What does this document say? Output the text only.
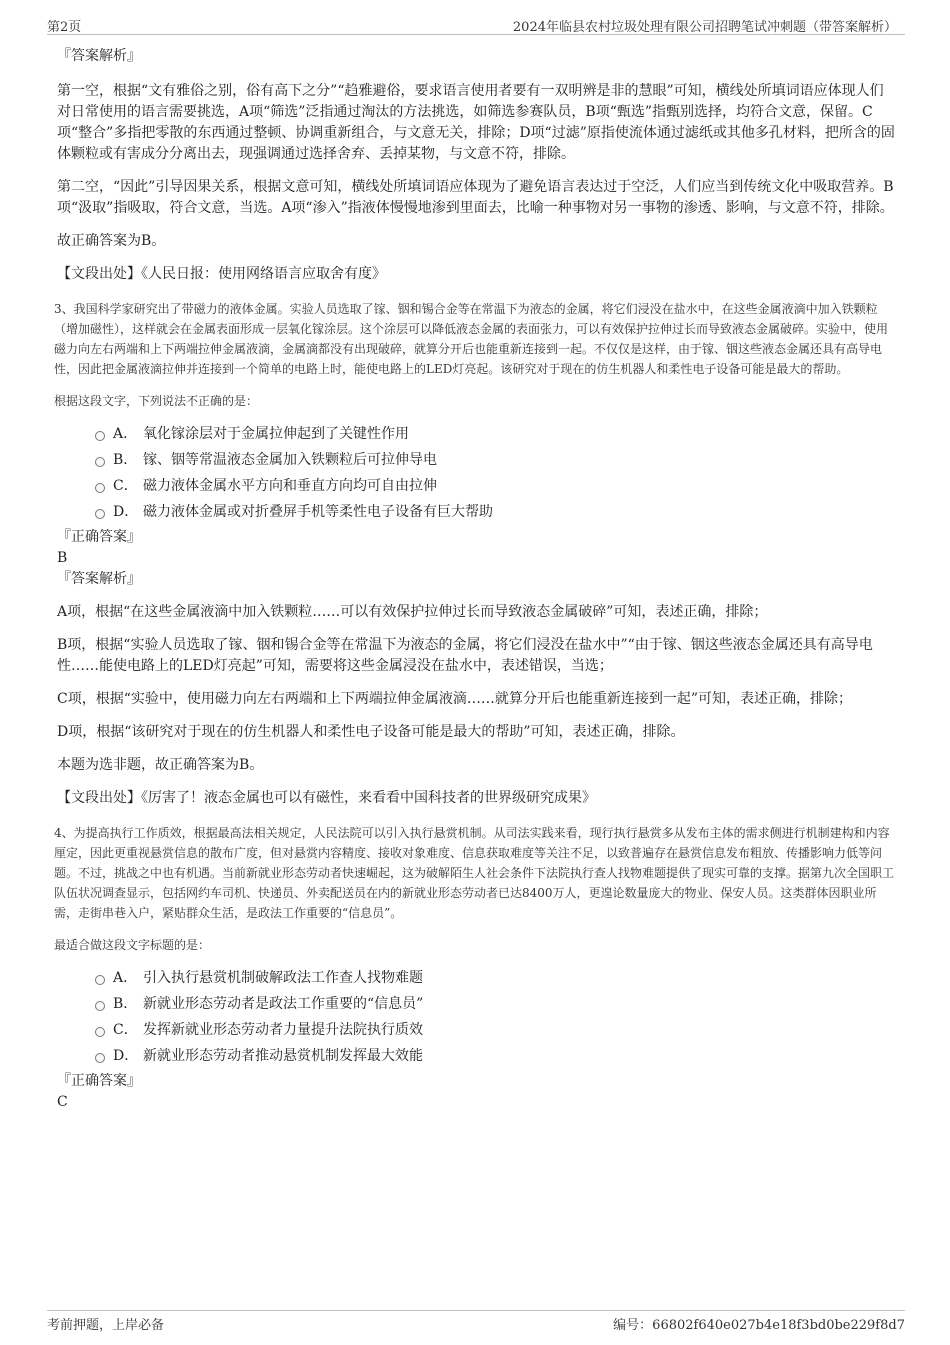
第2页	2024年临县农村垃圾处理有限公司招聘笔试冲刺题（带答案解析）

『答案解析』

第一空，根据“文有雅俗之别，俗有高下之分”“趋雅避俗，要求语言使用者要有一双明辨是非的慧眼”可知，横线处所填词语应体现人们对日常使用的语言需要挑选，A项“筛选”泛指通过淘汰的方法挑选，如筛选参赛队员，B项“甄选”指甄别选择，均符合文意，保留。C项“整合”多指把零散的东西通过整顿、协调重新组合，与文意无关，排除；D项“过滤”原指使流体通过滤纸或其他多孔材料，把所含的固体颗粒或有害成分分离出去，现强调通过选择舍弃、丢掉某物，与文意不符，排除。

第二空，“因此”引导因果关系，根据文意可知，横线处所填词语应体现为了避免语言表达过于空泛，人们应当到传统文化中吸取营养。B项“汲取”指吸取，符合文意，当选。A项“渗入”指液体慢慢地渗到里面去，比喻一种事物对另一事物的渗透、影响，与文意不符，排除。

故正确答案为B。

【文段出处】《人民日报：使用网络语言应取舍有度》

3、我国科学家研究出了带磁力的液体金属。实验人员选取了镓、铟和锡合金等在常温下为液态的金属，将它们浸没在盐水中，在这些金属液滴中加入铁颗粒（增加磁性），这样就会在金属表面形成一层氧化镓涂层。这个涂层可以降低液态金属的表面张力，可以有效保护拉伸过长而导致液态金属破碎。实验中，使用磁力向左右两端和上下两端拉伸金属液滴，金属滴都没有出现破碎，就算分开后也能重新连接到一起。不仅仅是这样，由于镓、铟这些液态金属还具有高导电性，因此把金属液滴拉伸并连接到一个简单的电路上时，能使电路上的LED灯亮起。该研究对于现在的仿生机器人和柔性电子设备可能是最大的帮助。

根据这段文字，下列说法不正确的是：

A． 氧化镓涂层对于金属拉伸起到了关键性作用
B． 镓、铟等常温液态金属加入铁颗粒后可拉伸导电
C． 磁力液体金属水平方向和垂直方向均可自由拉伸
D． 磁力液体金属或对折叠屏手机等柔性电子设备有巨大帮助

『正确答案』

B

『答案解析』

A项，根据“在这些金属液滴中加入铁颗粒……可以有效保护拉伸过长而导致液态金属破碎”可知，表述正确，排除；

B项，根据“实验人员选取了镓、铟和锡合金等在常温下为液态的金属，将它们浸没在盐水中”“由于镓、铟这些液态金属还具有高导电性……能使电路上的LED灯亮起”可知，需要将这些金属浸没在盐水中，表述错误，当选；

C项，根据“实验中，使用磁力向左右两端和上下两端拉伸金属液滴……就算分开后也能重新连接到一起”可知，表述正确，排除；

D项，根据“该研究对于现在的仿生机器人和柔性电子设备可能是最大的帮助”可知，表述正确，排除。

本题为选非题，故正确答案为B。

【文段出处】《厉害了！液态金属也可以有磁性，来看看中国科技者的世界级研究成果》

4、为提高执行工作质效，根据最高法相关规定，人民法院可以引入执行悬赏机制。从司法实践来看，现行执行悬赏多从发布主体的需求侧进行机制建构和内容厘定，因此更重视悬赏信息的散布广度，但对悬赏内容精度、接收对象难度、信息获取难度等关注不足，以致普遍存在悬赏信息发布粗放、传播影响力低等问题。不过，挑战之中也有机遇。当前新就业形态劳动者快速崛起，这为破解陌生人社会条件下法院执行查人找物难题提供了现实可靠的支撑。据第九次全国职工队伍状况调查显示，包括网约车司机、快递员、外卖配送员在内的新就业形态劳动者已达8400万人，更遑论数量庞大的物业、保安人员。这类群体因职业所需，走街串巷入户，紧贴群众生活，是政法工作重要的“信息员”。

最适合做这段文字标题的是：

A． 引入执行悬赏机制破解政法工作查人找物难题
B． 新就业形态劳动者是政法工作重要的“信息员”
C． 发挥新就业形态劳动者力量提升法院执行质效
D． 新就业形态劳动者推动悬赏机制发挥最大效能

『正确答案』

C

考前押题，上岸必备	编号：66802f640e027b4e18f3bd0be229f8d7
